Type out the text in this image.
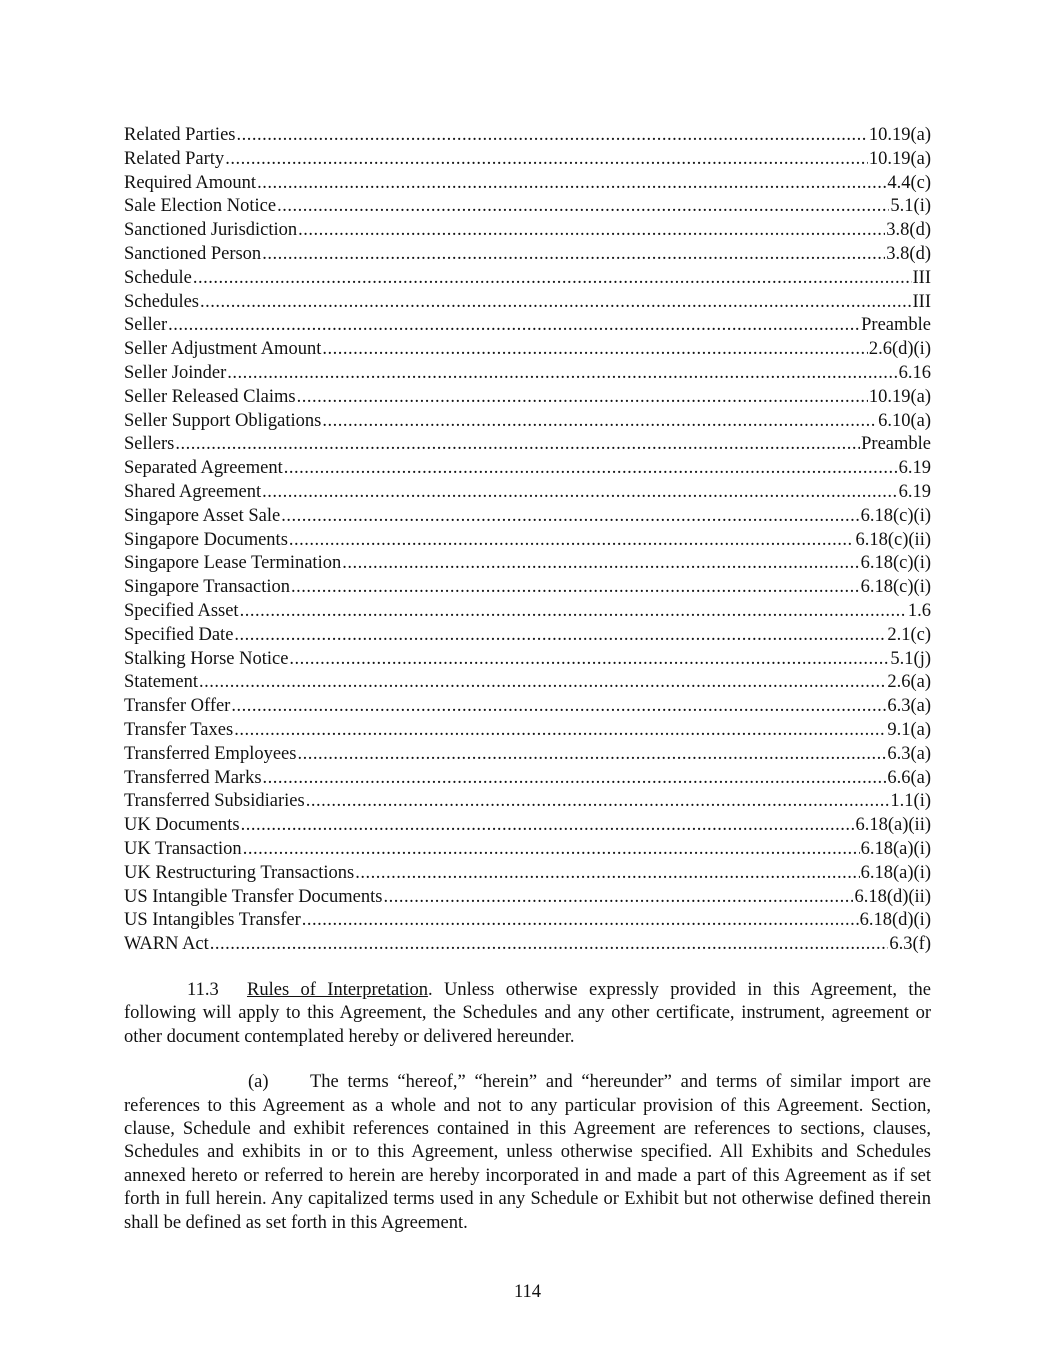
Related Parties .....	10.19(a)
Related Party .....	10.19(a)
Required Amount .....	4.4(c)
Sale Election Notice .....	5.1(i)
Sanctioned Jurisdiction .....	3.8(d)
Sanctioned Person .....	3.8(d)
Schedule .....	III
Schedules .....	III
Seller .....	Preamble
Seller Adjustment Amount .....	2.6(d)(i)
Seller Joinder .....	6.16
Seller Released Claims .....	10.19(a)
Seller Support Obligations .....	6.10(a)
Sellers .....	Preamble
Separated Agreement .....	6.19
Shared Agreement .....	6.19
Singapore Asset Sale .....	6.18(c)(i)
Singapore Documents .....	6.18(c)(ii)
Singapore Lease Termination .....	6.18(c)(i)
Singapore Transaction .....	6.18(c)(i)
Specified Asset .....	1.6
Specified Date .....	2.1(c)
Stalking Horse Notice .....	5.1(j)
Statement .....	2.6(a)
Transfer Offer .....	6.3(a)
Transfer Taxes .....	9.1(a)
Transferred Employees .....	6.3(a)
Transferred Marks .....	6.6(a)
Transferred Subsidiaries .....	1.1(i)
UK Documents .....	6.18(a)(ii)
UK Transaction .....	6.18(a)(i)
UK Restructuring Transactions .....	6.18(a)(i)
US Intangible Transfer Documents .....	6.18(d)(ii)
US Intangibles Transfer .....	6.18(d)(i)
WARN Act .....	6.3(f)

11.3 Rules of Interpretation. Unless otherwise expressly provided in this Agreement, the following will apply to this Agreement, the Schedules and any other certificate, instrument, agreement or other document contemplated hereby or delivered hereunder.

(a) The terms “hereof,” “herein” and “hereunder” and terms of similar import are references to this Agreement as a whole and not to any particular provision of this Agreement. Section, clause, Schedule and exhibit references contained in this Agreement are references to sections, clauses, Schedules and exhibits in or to this Agreement, unless otherwise specified. All Exhibits and Schedules annexed hereto or referred to herein are hereby incorporated in and made a part of this Agreement as if set forth in full herein. Any capitalized terms used in any Schedule or Exhibit but not otherwise defined therein shall be defined as set forth in this Agreement.

114
